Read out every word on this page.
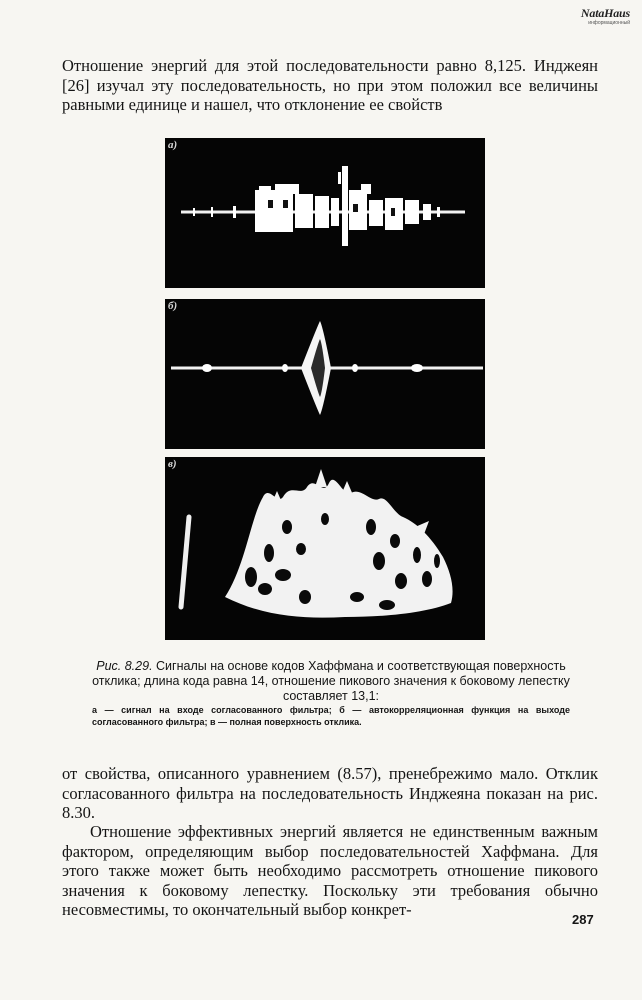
NataHaus
информационный

Отношение энергий для этой последовательности равно 8,125. Инджеян [26] изучал эту последовательность, но при этом положил все величины равными единице и нашел, что отклонение ее свойств

а)
б)
в)

Рис. 8.29. Сигналы на основе кодов Хаффмана и соответствующая поверхность отклика; длина кода равна 14, отношение пикового значения к боковому лепестку составляет 13,1:

а — сигнал на входе согласованного фильтра; б — автокорреляционная функция на выходе согласованного фильтра; в — полная поверхность отклика.

от свойства, описанного уравнением (8.57), пренебрежимо мало. Отклик согласованного фильтра на последовательность Инджеяна показан на рис. 8.30.

Отношение эффективных энергий является не единственным важным фактором, определяющим выбор последовательностей Хаффмана. Для этого также может быть необходимо рассмотреть отношение пикового значения к боковому лепестку. Поскольку эти требования обычно несовместимы, то окончательный выбор конкрет-

287
